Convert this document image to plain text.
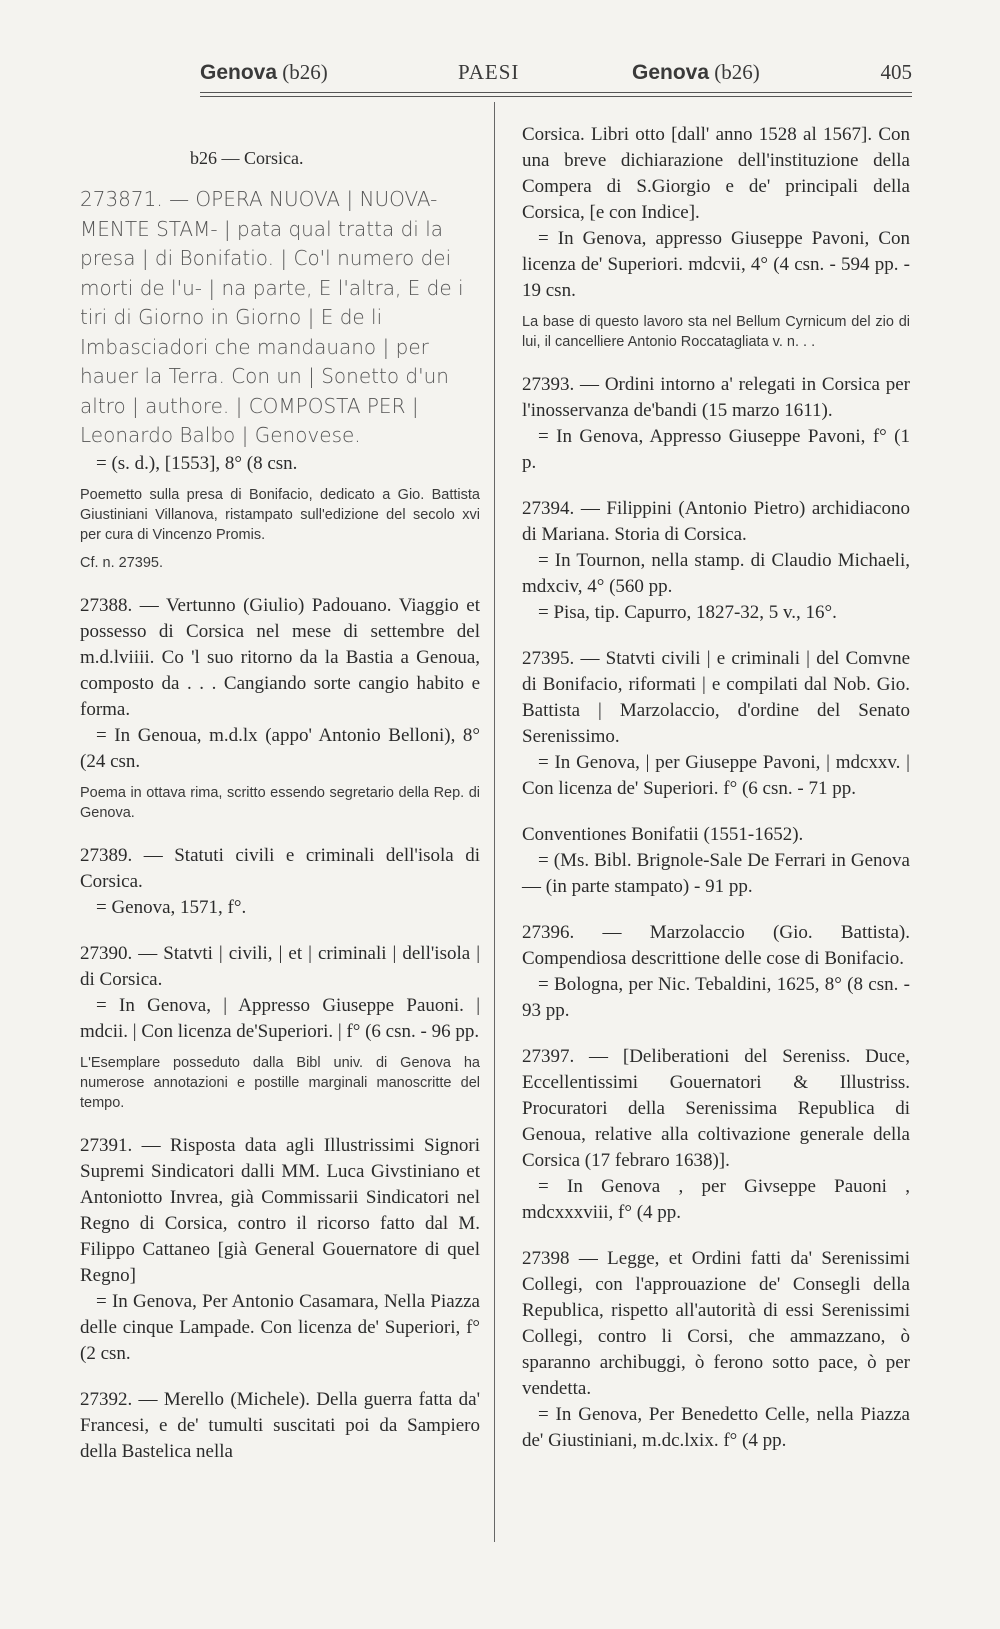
Genova (b26)	PAESI	Genova (b26)	405
b26 — Corsica.

273871. — OPERA NUOVA | NUOVA-MENTE STAM- | pata qual tratta di la presa | di Bonifatio. | Co'l numero dei morti de l'u- | na parte, E l'altra, E de i tiri di Giorno in Giorno | E de li Imbasciadori che mandauano | per hauer la Terra. Con un | Sonetto d'un altro | authore. | COMPOSTA PER | Leonardo Balbo | Genovese.

= (s. d.), [1553], 8° (8 csn.

Poemetto sulla presa di Bonifacio, dedicato a Gio. Battista Giustiniani Villanova, ristampato sull'edizione del secolo xvi per cura di Vincenzo Promis.

Cf. n. 27395.

27388. — Vertunno (Giulio) Padouano. Viaggio et possesso di Corsica nel mese di settembre del m.d.lviiii. Co 'l suo ritorno da la Bastia a Genoua, composto da . . . Cangiando sorte cangio habito e forma.

= In Genoua, m.d.lx (appo' Antonio Belloni), 8° (24 csn.

Poema in ottava rima, scritto essendo segretario della Rep. di Genova.

27389. — Statuti civili e criminali dell'isola di Corsica.

= Genova, 1571, f°.

27390. — Statvti | civili, | et | criminali | dell'isola | di Corsica.

= In Genova, | Appresso Giuseppe Pauoni. | mdcii. | Con licenza de'Superiori. | f° (6 csn. - 96 pp.

L'Esemplare posseduto dalla Bibl univ. di Genova ha numerose annotazioni e postille marginali manoscritte del tempo.

27391. — Risposta data agli Illustrissimi Signori Supremi Sindicatori dalli MM. Luca Givstiniano et Antoniotto Invrea, già Commissarii Sindicatori nel Regno di Corsica, contro il ricorso fatto dal M. Filippo Cattaneo [già General Gouernatore di quel Regno]

= In Genova, Per Antonio Casamara, Nella Piazza delle cinque Lampade. Con licenza de' Superiori, f° (2 csn.

27392. — Merello (Michele). Della guerra fatta da' Francesi, e de' tumulti suscitati poi da Sampiero della Bastelica nella

Corsica. Libri otto [dall' anno 1528 al 1567]. Con una breve dichiarazione dell'instituzione della Compera di S.Giorgio e de' principali della Corsica, [e con Indice].

= In Genova, appresso Giuseppe Pavoni, Con licenza de' Superiori. mdcvii, 4° (4 csn. - 594 pp. - 19 csn.

La base di questo lavoro sta nel Bellum Cyrnicum del zio di lui, il cancelliere Antonio Roccatagliata v. n. . .

27393. — Ordini intorno a' relegati in Corsica per l'inosservanza de'bandi (15 marzo 1611).

= In Genova, Appresso Giuseppe Pavoni, f° (1 p.

27394. — Filippini (Antonio Pietro) archidiacono di Mariana. Storia di Corsica.

= In Tournon, nella stamp. di Claudio Michaeli, mdxciv, 4° (560 pp.

= Pisa, tip. Capurro, 1827-32, 5 v., 16°.

27395. — Statvti civili | e criminali | del Comvne di Bonifacio, riformati | e compilati dal Nob. Gio. Battista | Marzolaccio, d'ordine del Senato Serenissimo.

= In Genova, | per Giuseppe Pavoni, | mdcxxv. | Con licenza de' Superiori. f° (6 csn. - 71 pp.

Conventiones Bonifatii (1551-1652).

= (Ms. Bibl. Brignole-Sale De Ferrari in Genova — (in parte stampato) - 91 pp.

27396. — Marzolaccio (Gio. Battista). Compendiosa descrittione delle cose di Bonifacio.

= Bologna, per Nic. Tebaldini, 1625, 8° (8 csn. - 93 pp.

27397. — [Deliberationi del Sereniss. Duce, Eccellentissimi Gouernatori & Illustriss. Procuratori della Serenissima Republica di Genoua, relative alla coltivazione generale della Corsica (17 febraro 1638)].

= In Genova , per Givseppe Pauoni , mdcxxxviii, f° (4 pp.

27398 — Legge, et Ordini fatti da' Serenissimi Collegi, con l'approuazione de' Consegli della Republica, rispetto all'autorità di essi Serenissimi Collegi, contro li Corsi, che ammazzano, ò sparanno archibuggi, ò ferono sotto pace, ò per vendetta.

= In Genova, Per Benedetto Celle, nella Piazza de' Giustiniani, m.dc.lxix. f° (4 pp.
